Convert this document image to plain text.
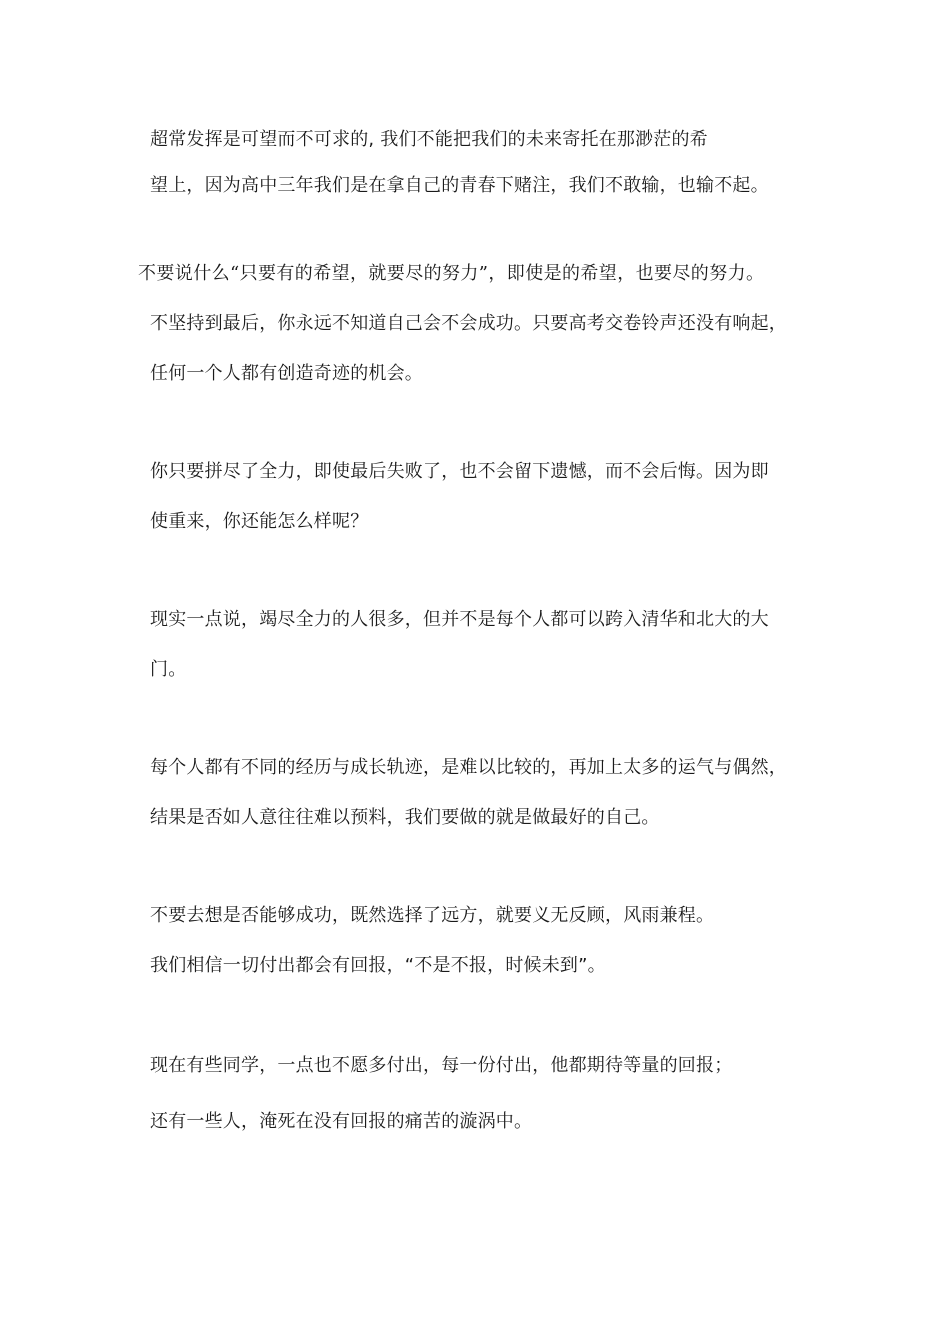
超常发挥是可望而不可求的, 我们不能把我们的未来寄托在那渺茫的希
望上，因为高中三年我们是在拿自己的青春下赌注，我们不敢输，也输不起。
不要说什么“只要有的希望，就要尽的努力”，即使是的希望，也要尽的努力。
不坚持到最后，你永远不知道自己会不会成功。只要高考交卷铃声还没有响起，
任何一个人都有创造奇迹的机会。
你只要拼尽了全力，即使最后失败了，也不会留下遗憾，而不会后悔。因为即
使重来，你还能怎么样呢？
现实一点说，竭尽全力的人很多，但并不是每个人都可以跨入清华和北大的大
门。
每个人都有不同的经历与成长轨迹，是难以比较的，再加上太多的运气与偶然，
结果是否如人意往往难以预料，我们要做的就是做最好的自己。
不要去想是否能够成功，既然选择了远方，就要义无反顾，风雨兼程。
我们相信一切付出都会有回报，“不是不报，时候未到”。
现在有些同学，一点也不愿多付出，每一份付出，他都期待等量的回报；
还有一些人，淹死在没有回报的痛苦的漩涡中。
